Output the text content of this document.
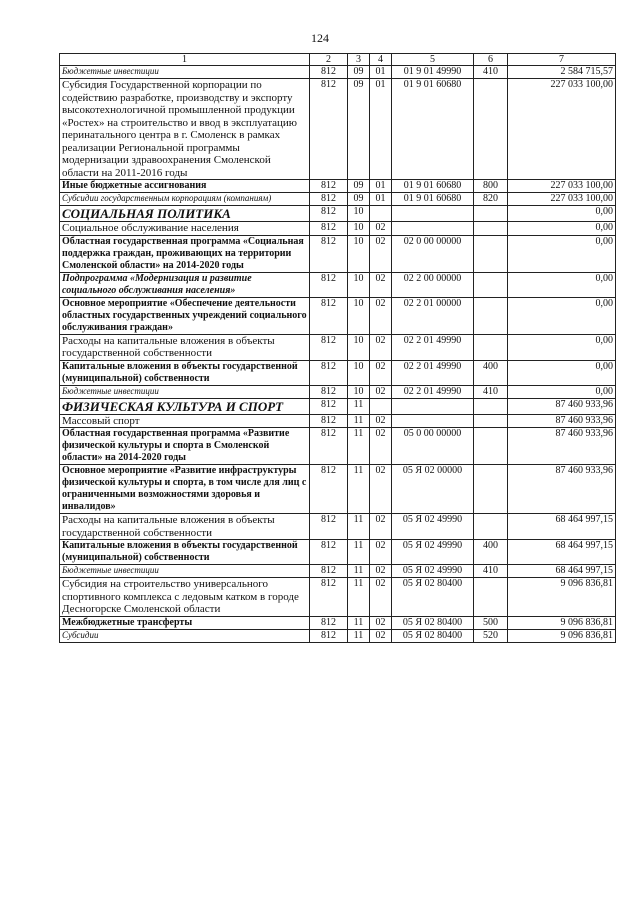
124
1	2	3	4	5	6	7
Бюджетные инвестиции	812	09	01	01 9 01 49990	410	2 584 715,57
Субсидия Государственной корпорации по содействию разработке, производству и экспорту высокотехнологичной промышленной продукции «Ростех» на строительство и ввод в эксплуатацию перинатального центра в г. Смоленск в рамках реализации Региональной программы модернизации здравоохранения Смоленской области на 2011-2016 годы	812	09	01	01 9 01 60680		227 033 100,00
Иные бюджетные ассигнования	812	09	01	01 9 01 60680	800	227 033 100,00
Субсидии государственным корпорациям (компаниям)	812	09	01	01 9 01 60680	820	227 033 100,00
СОЦИАЛЬНАЯ ПОЛИТИКА	812	10				0,00
Социальное обслуживание населения	812	10	02			0,00
Областная государственная программа «Социальная поддержка граждан, проживающих на территории Смоленской области» на 2014-2020 годы	812	10	02	02 0 00 00000		0,00
Подпрограмма «Модернизация и развитие социального обслуживания населения»	812	10	02	02 2 00 00000		0,00
Основное мероприятие «Обеспечение деятельности областных государственных учреждений социального обслуживания граждан»	812	10	02	02 2 01 00000		0,00
Расходы на капитальные вложения в объекты государственной собственности	812	10	02	02 2 01 49990		0,00
Капитальные вложения в объекты государственной (муниципальной) собственности	812	10	02	02 2 01 49990	400	0,00
Бюджетные инвестиции	812	10	02	02 2 01 49990	410	0,00
ФИЗИЧЕСКАЯ КУЛЬТУРА И СПОРТ	812	11				87 460 933,96
Массовый спорт	812	11	02			87 460 933,96
Областная государственная программа «Развитие физической культуры и спорта в Смоленской области» на 2014-2020 годы	812	11	02	05 0 00 00000		87 460 933,96
Основное мероприятие «Развитие инфраструктуры физической культуры и спорта, в том числе для лиц с ограниченными возможностями здоровья и инвалидов»	812	11	02	05 Я 02 00000		87 460 933,96
Расходы на капитальные вложения в объекты государственной собственности	812	11	02	05 Я 02 49990		68 464 997,15
Капитальные вложения в объекты государственной (муниципальной) собственности	812	11	02	05 Я 02 49990	400	68 464 997,15
Бюджетные инвестиции	812	11	02	05 Я 02 49990	410	68 464 997,15
Субсидия на строительство универсального спортивного комплекса с ледовым катком в городе Десногорске Смоленской области	812	11	02	05 Я 02 80400		9 096 836,81
Межбюджетные трансферты	812	11	02	05 Я 02 80400	500	9 096 836,81
Субсидии	812	11	02	05 Я 02 80400	520	9 096 836,81
